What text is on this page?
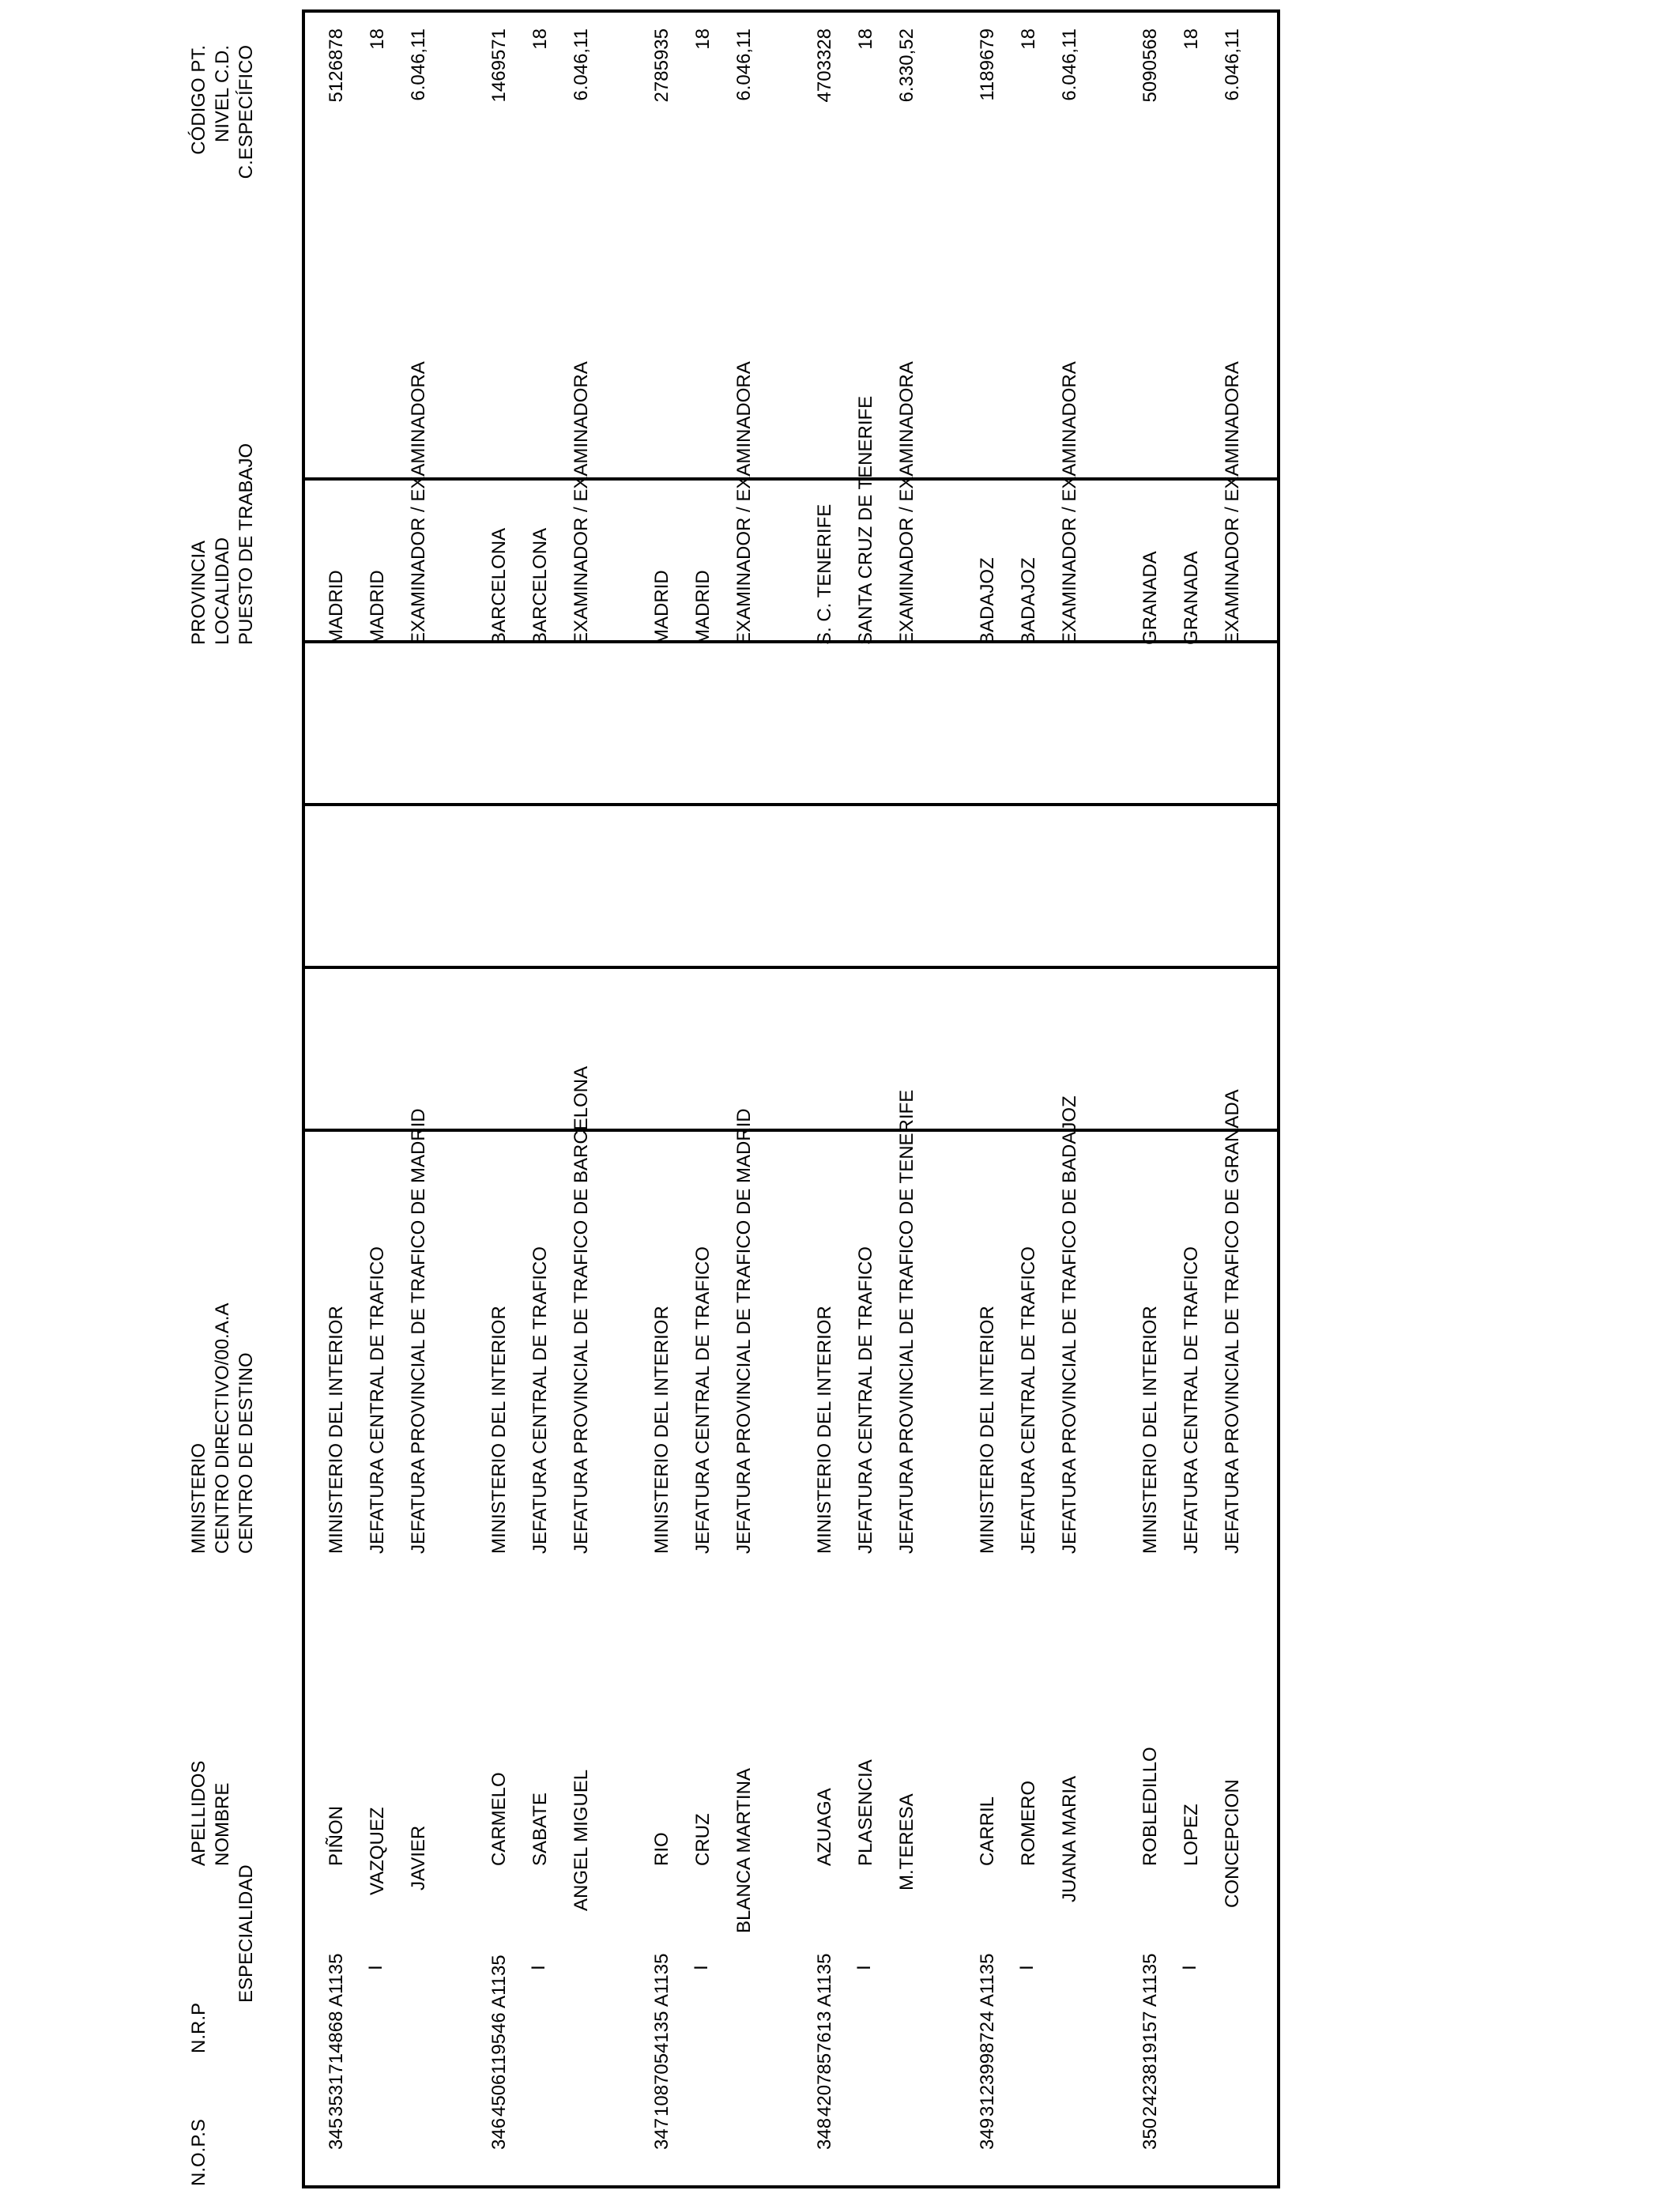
N.O.P.S
N.R.P
ESPECIALIDAD
APELLIDOS NOMBRE
MINISTERIO CENTRO DIRECTIVO/00.A.A CENTRO DE DESTINO
PROVINCIA LOCALIDAD PUESTO DE TRABAJO
CÓDIGO PT. NIVEL C.D. C.ESPECÍFICO
345
3531714868 A1135 I
PIÑON VAZQUEZ JAVIER
MINISTERIO DEL INTERIOR JEFATURA CENTRAL DE TRAFICO JEFATURA PROVINCIAL DE TRAFICO DE MADRID
MADRID MADRID EXAMINADOR / EXAMINADORA
5126878 18 6.046,11
346
4506119546 A1135 I
CARMELO SABATE ANGEL MIGUEL
MINISTERIO DEL INTERIOR JEFATURA CENTRAL DE TRAFICO JEFATURA PROVINCIAL DE TRAFICO DE BARCELONA
BARCELONA BARCELONA EXAMINADOR / EXAMINADORA
1469571 18 6.046,11
347
1087054135 A1135 I
RIO CRUZ BLANCA MARTINA
MINISTERIO DEL INTERIOR JEFATURA CENTRAL DE TRAFICO JEFATURA PROVINCIAL DE TRAFICO DE MADRID
MADRID MADRID EXAMINADOR / EXAMINADORA
2785935 18 6.046,11
348
4207857613 A1135 I
AZUAGA PLASENCIA M.TERESA
MINISTERIO DEL INTERIOR JEFATURA CENTRAL DE TRAFICO JEFATURA PROVINCIAL DE TRAFICO DE TENERIFE
S. C. TENERIFE SANTA CRUZ DE TENERIFE EXAMINADOR / EXAMINADORA
4703328 18 6.330,52
349
3123998724 A1135 I
CARRIL ROMERO JUANA MARIA
MINISTERIO DEL INTERIOR JEFATURA CENTRAL DE TRAFICO JEFATURA PROVINCIAL DE TRAFICO DE BADAJOZ
BADAJOZ BADAJOZ EXAMINADOR / EXAMINADORA
1189679 18 6.046,11
350
2423819157 A1135 I
ROBLEDILLO LOPEZ CONCEPCION
MINISTERIO DEL INTERIOR JEFATURA CENTRAL DE TRAFICO JEFATURA PROVINCIAL DE TRAFICO DE GRANADA
GRANADA GRANADA EXAMINADOR / EXAMINADORA
5090568 18 6.046,11
